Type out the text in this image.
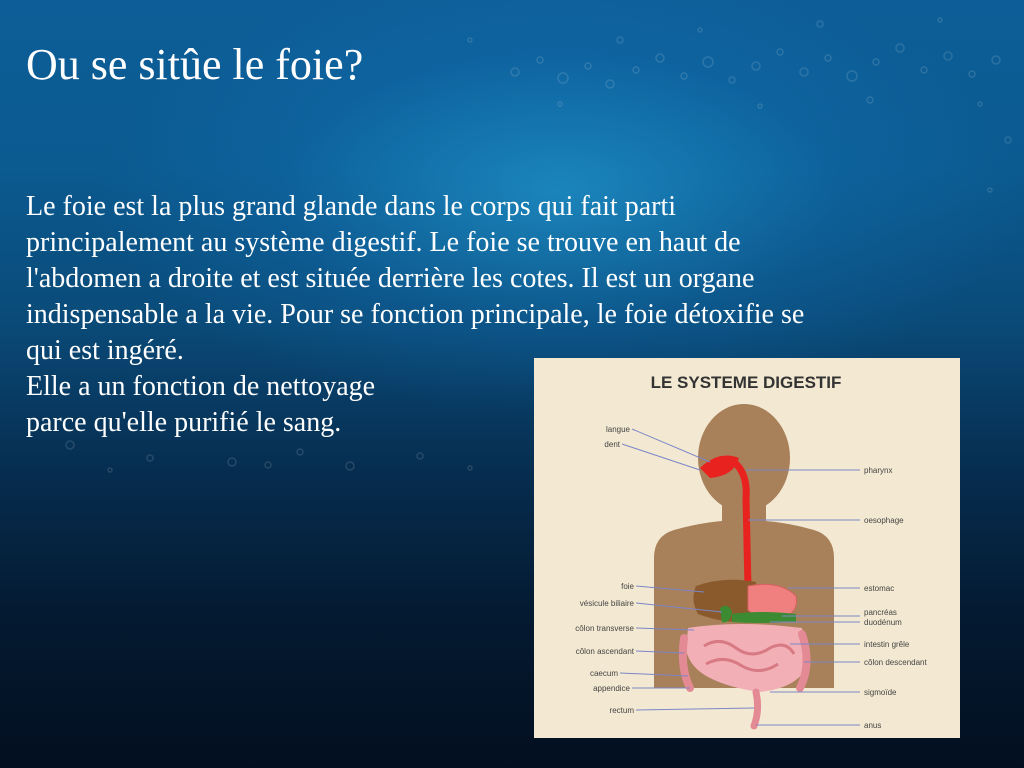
Ou se sitûe le foie?
Le foie est la plus grand glande dans le corps qui fait parti
principalement au système digestif. Le foie se trouve en haut de
l'abdomen a droite et est située derrière les cotes. Il est un organe
indispensable a la vie. Pour se fonction principale, le foie détoxifie se
qui est ingéré.
Elle a un fonction de nettoyage
parce qu'elle purifié le sang.
LE SYSTEME DIGESTIF
langue
dent
foie
vésicule biliaire
côlon transverse
côlon ascendant
caecum
appendice
rectum
pharynx
oesophage
estomac
pancréas
duodénum
intestin grêle
côlon descendant
sigmoïde
anus
